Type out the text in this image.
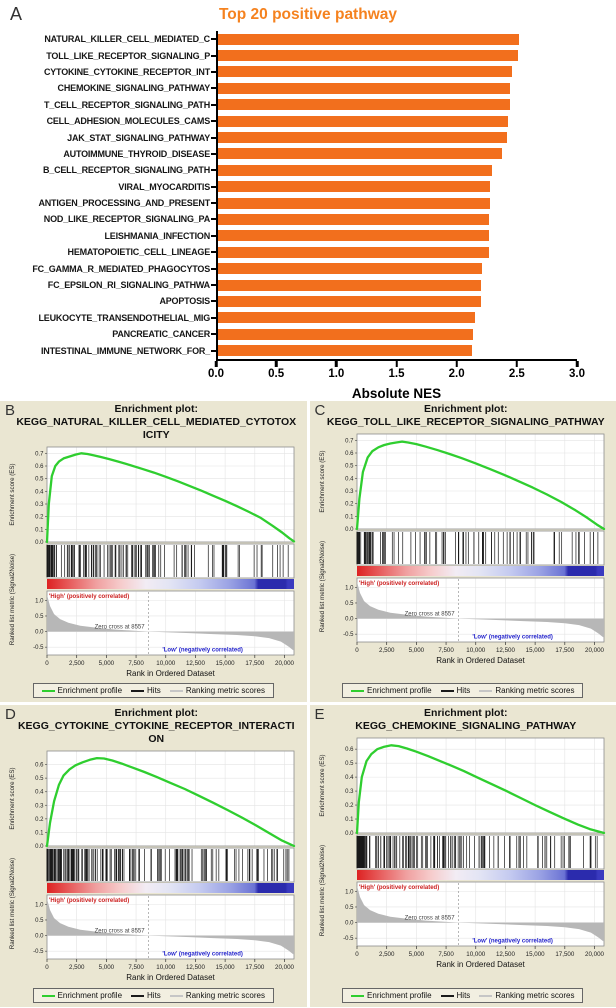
A	Top 20 positive pathway
NATURAL_KILLER_CELL_MEDIATED_C
TOLL_LIKE_RECEPTOR_SIGNALING_P
CYTOKINE_CYTOKINE_RECEPTOR_INT
CHEMOKINE_SIGNALING_PATHWAY
T_CELL_RECEPTOR_SIGNALING_PATH
CELL_ADHESION_MOLECULES_CAMS
JAK_STAT_SIGNALING_PATHWAY
AUTOIMMUNE_THYROID_DISEASE
B_CELL_RECEPTOR_SIGNALING_PATH
VIRAL_MYOCARDITIS
ANTIGEN_PROCESSING_AND_PRESENT
NOD_LIKE_RECEPTOR_SIGNALING_PA
LEISHMANIA_INFECTION
HEMATOPOIETIC_CELL_LINEAGE
FC_GAMMA_R_MEDIATED_PHAGOCYTOS
FC_EPSILON_RI_SIGNALING_PATHWA
APOPTOSIS
LEUKOCYTE_TRANSENDOTHELIAL_MIG
PANCREATIC_CANCER
INTESTINAL_IMMUNE_NETWORK_FOR_
0.0	0.5	1.0	1.5	2.0	2.5	3.0
Absolute NES
B	Enrichment plot:
KEGG_NATURAL_KILLER_CELL_MEDIATED_CYTOTOXICITY
0.7
0.6
0.5
0.4
0.3
0.2
0.1
0.0
1.0
0.5
0.0
-0.5
Zero cross at 8557
'High' (positively correlated)
'Low' (negatively correlated)
0	2,500 5,000 7,500 10,000 12,500 15,000 17,500 20,000
Rank in Ordered Dataset
Enrichment score (ES)
Ranked list metric (Signal2Noise)
Enrichment profile	Hits	Ranking metric scores
C	Enrichment plot:
KEGG_TOLL_LIKE_RECEPTOR_SIGNALING_PATHWAY
0.7
0.6
0.5
0.4
0.3
0.2
0.1
0.0
1.0
0.5
0.0
-0.5
Zero cross at 8557
'High' (positively correlated)
'Low' (negatively correlated)
0	2,500 5,000 7,500 10,000 12,500 15,000 17,500 20,000
Rank in Ordered Dataset
Enrichment score (ES)
Ranked list metric (Signal2Noise)
Enrichment profile	Hits	Ranking metric scores
D	Enrichment plot:
KEGG_CYTOKINE_CYTOKINE_RECEPTOR_INTERACTION
0.6
0.5
0.4
0.3
0.2
0.1
0.0
1.0
0.5
0.0
-0.5
Zero cross at 8557
'High' (positively correlated)
'Low' (negatively correlated)
0	2,500 5,000 7,500 10,000 12,500 15,000 17,500 20,000
Rank in Ordered Dataset
Enrichment score (ES)
Ranked list metric (Signal2Noise)
Enrichment profile	Hits	Ranking metric scores
E	Enrichment plot:
KEGG_CHEMOKINE_SIGNALING_PATHWAY
0.6
0.5
0.4
0.3
0.2
0.1
0.0
1.0
0.5
0.0
-0.5
Zero cross at 8557
'High' (positively correlated)
'Low' (negatively correlated)
0	2,500 5,000 7,500 10,000 12,500 15,000 17,500 20,000
Rank in Ordered Dataset
Enrichment score (ES)
Ranked list metric (Signal2Noise)
Enrichment profile	Hits	Ranking metric scores
